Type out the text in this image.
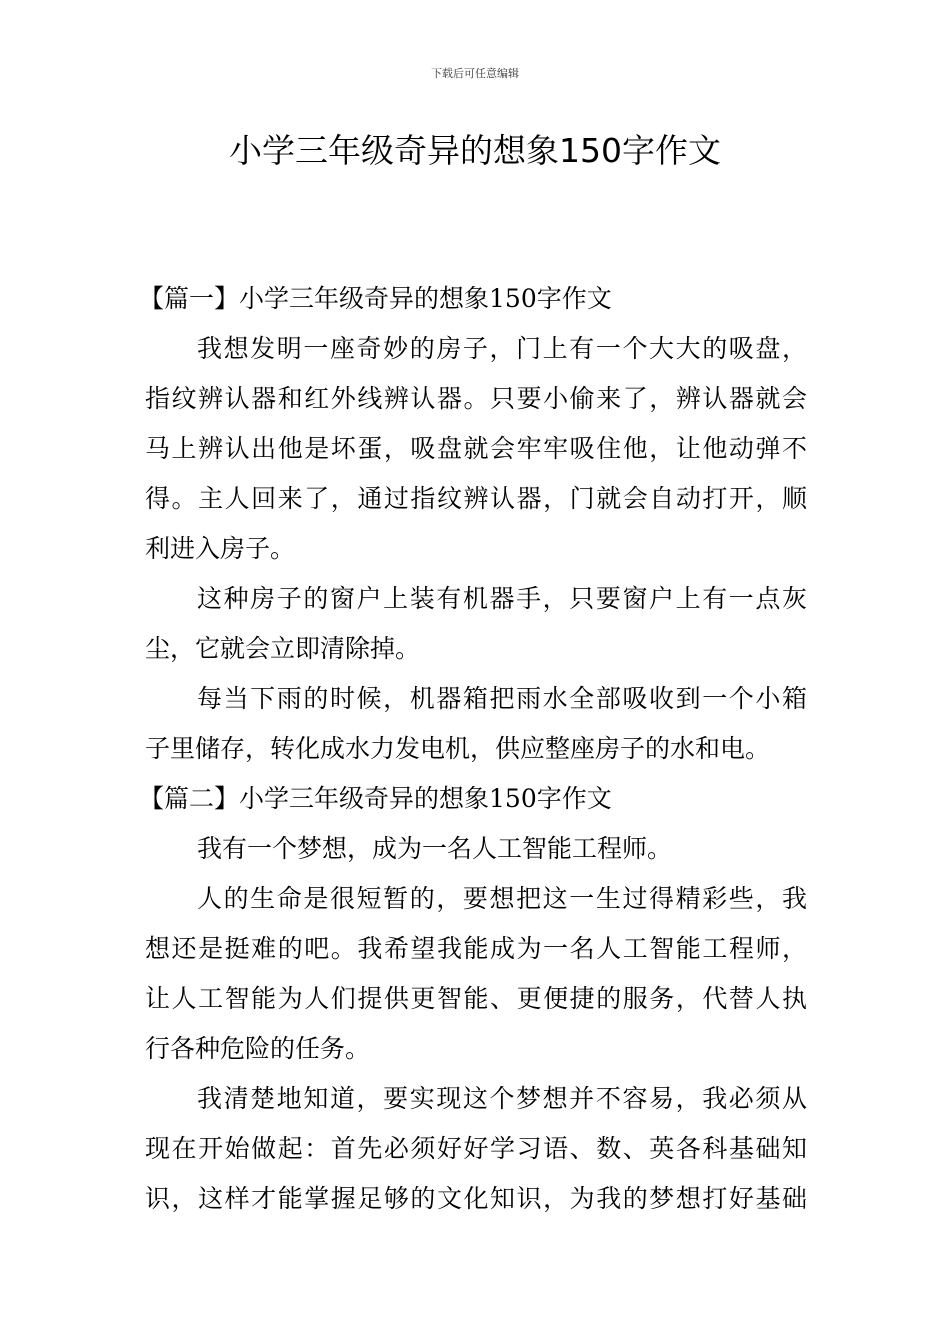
下载后可任意编辑
小学三年级奇异的想象150字作文
【篇一】小学三年级奇异的想象150字作文

我想发明一座奇妙的房子，门上有一个大大的吸盘，
指纹辨认器和红外线辨认器。只要小偷来了，辨认器就会
马上辨认出他是坏蛋，吸盘就会牢牢吸住他，让他动弹不
得。主人回来了，通过指纹辨认器，门就会自动打开，顺
利进入房子。

这种房子的窗户上装有机器手，只要窗户上有一点灰
尘，它就会立即清除掉。

每当下雨的时候，机器箱把雨水全部吸收到一个小箱
子里储存，转化成水力发电机，供应整座房子的水和电。

【篇二】小学三年级奇异的想象150字作文

我有一个梦想，成为一名人工智能工程师。

人的生命是很短暂的，要想把这一生过得精彩些，我
想还是挺难的吧。我希望我能成为一名人工智能工程师，
让人工智能为人们提供更智能、更便捷的服务，代替人执
行各种危险的任务。

我清楚地知道，要实现这个梦想并不容易，我必须从
现在开始做起：首先必须好好学习语、数、英各科基础知
识，这样才能掌握足够的文化知识，为我的梦想打好基础
